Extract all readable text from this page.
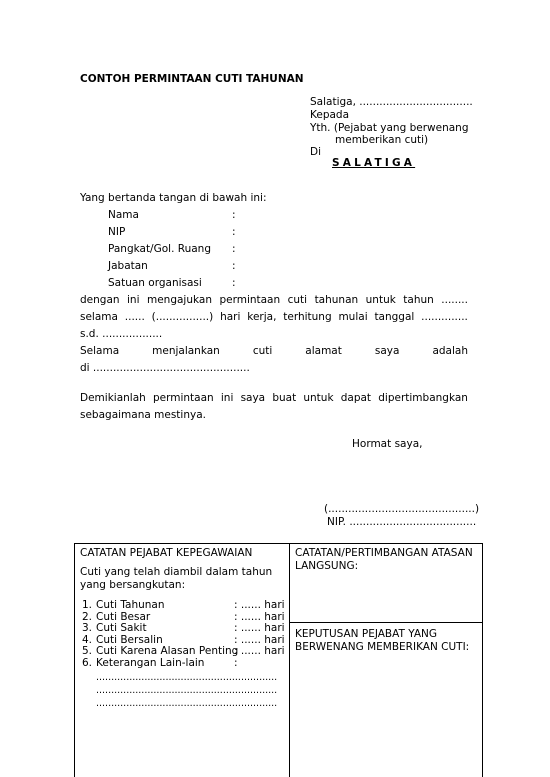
CONTOH PERMINTAAN CUTI TAHUNAN
Salatiga, ..................................
Kepada
Yth. (Pejabat yang berwenang
memberikan cuti)
Di
SALATIGA
Yang bertanda tangan di bawah ini:
Nama	:
NIP	:
Pangkat/Gol. Ruang :
Jabatan	:
Satuan organisasi	:
dengan ini mengajukan permintaan cuti tahunan untuk tahun ........
selama ...... (................) hari kerja, terhitung mulai tanggal ..............
s.d. ..................
Selama	menjalankan	cuti	alamat	saya	adalah
di ...............................................
Demikianlah permintaan ini saya buat untuk dapat dipertimbangkan
sebagaimana mestinya.
Hormat saya,
(............................................)
NIP. ......................................
CATATAN PEJABAT KEPEGAWAIAN
Cuti yang telah diambil dalam tahun
yang bersangkutan:
1. Cuti Tahunan	: ...... hari
2. Cuti Besar	: ...... hari
3. Cuti Sakit	: ...... hari
4. Cuti Bersalin	: ...... hari
5. Cuti Karena Alasan Penting: ...... hari
6. Keterangan Lain-lain	:
............................................................
............................................................
............................................................
CATATAN/PERTIMBANGAN ATASAN
LANGSUNG:
KEPUTUSAN PEJABAT YANG
BERWENANG MEMBERIKAN CUTI:
